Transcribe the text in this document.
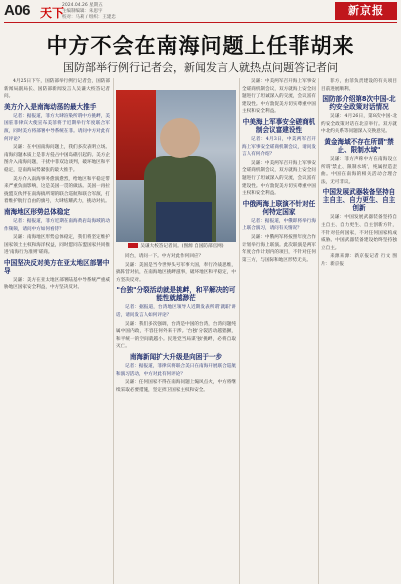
A06 天下
2024.04.26 星期五
主编制编辑：朱思宇
校对：马莉 / 组织：王建忠
新京报
中方不会在南海问题上任菲胡来
国防部举行例行记者会，新闻发言人就热点问题答记者问

4月25日下午，国防部举行例行记者会，国防部新闻局副局长、国防部新闻发言人吴谦大校答记者问。

美方介入是南海动荡的最大推手

记者：据报道，菲方大肆渲染所谓中方挑衅，美国驻菲律宾大使宣布美菲将于近期举行年度联合军演，同时美方将部署中导系统在菲。请问中方对此有何评论？

吴谦：在中国南海问题上，我们多次表明立场。南海问题本质上是菲方侵占中国岛礁引起的。美方企图介入南海问题，干扰中菲双边谈判，破坏地区和平稳定，是南海局势紧张的最大推手。

美方介入南海事务愈演愈烈，给地区和平稳定带来严重负面影响，这是美国一贯的做法。美国一再拉拢盟友伙伴在南海搞所谓的联合巡航和联合军演，打着维护航行自由的旗号，大肆炫耀武力，挑动对抗。

南海地区形势总体稳定

记者：据报道，菲方近期在南海黄岩岛海域的动作频频，请问中方如何看待？

吴谦：南海地区形势总体稳定，我们将坚定维护国家领土主权和海洋权益，同时愿同东盟国家共同推进'南海行为准则'磋商。

中国坚决反对美方在亚太地区部署中导

吴谦：美方在亚太地区部署陆基中导系统严重威胁地区国家安全利益，中方坚决反对。

吴谦大校答记者问。(图源 自国防部官网)

同台，请问一下。中方对此作何回应？

吴谦：美国是当今世界头号军事大国，奉行冷战思维，搞阵营对抗，在南海地区挑衅滋事，破坏地区和平稳定，中方坚决反对。

"台独"分裂活动就是挑衅，和平解决的可能性就越渺茫

记者：据报道，台湾地区领导人近期发表所谓'就职'讲话，请问发言人如何评论？

吴谦：我们多次强调，台湾是中国的台湾，台湾问题纯属中国内政，不容任何外来干涉。'台独'分裂活动越猖獗，和平统一的空间就越小。民进党当局谋'独'挑衅，必将自取灭亡。

南海新闻扩大升级是向困于一步

记者：据报道，菲律宾将联合美日在南海开展联合巡航和演习活动，中方对此有何评论？

吴谦：任何国家不得在南海问题上煽风点火，中方将继续采取必要措施，坚定捍卫国家主权和安全。

吴谦：中美两军召开海上军事安全磋商机制会议，双方就海上安全问题进行了坦诚深入的交流，会议富有建设性。中方敦促美方切实尊重中国主权和安全利益。

中美海上军事安全磋商机制会议富建设性

记者：4月3日，中美两军召开海上军事安全磋商机制会议，请问发言人有何介绍？

吴谦：中美两军召开海上军事安全磋商机制会议，双方就海上安全问题进行了坦诚深入的交流，会议富有建设性。中方敦促美方切实尊重中国主权和安全利益。

中俄两海上联演不针对任何特定国家

记者：据报道，中俄即将举行海上联合演习，请问有关情况？

吴谦：中俄两军将按照年度合作计划举行海上联演。此次联演是两军年度合作计划内的项目，不针对任何第三方，与国际和地区形势无关。

菲方，由菲负责建设的有关项目目前进展顺利。

国防部介绍第8次中国-北约安全政策对话情况

吴谦：4月26日，第8次中国-北约安全政策对话在北京举行。双方就中北约关系等问题深入交换意见。

黄金海域不存在所谓"禁止、限制水域"

吴谦：菲方声称中方在南海设立所谓'禁止、限制水域'，纯属捏造歪曲。中国在南海的相关活动合理合法，无可非议。

中国发展武器装备坚持自主自主、自力更生、自主创新

吴谦：中国发展武器装备坚持自主自主、自力更生、自主创新方针，不针对任何国家，不对任何国家构成威胁。中国武器装备建设始终坚持独立自主。

来源来源：新京报记者 行文 图片：新京报
